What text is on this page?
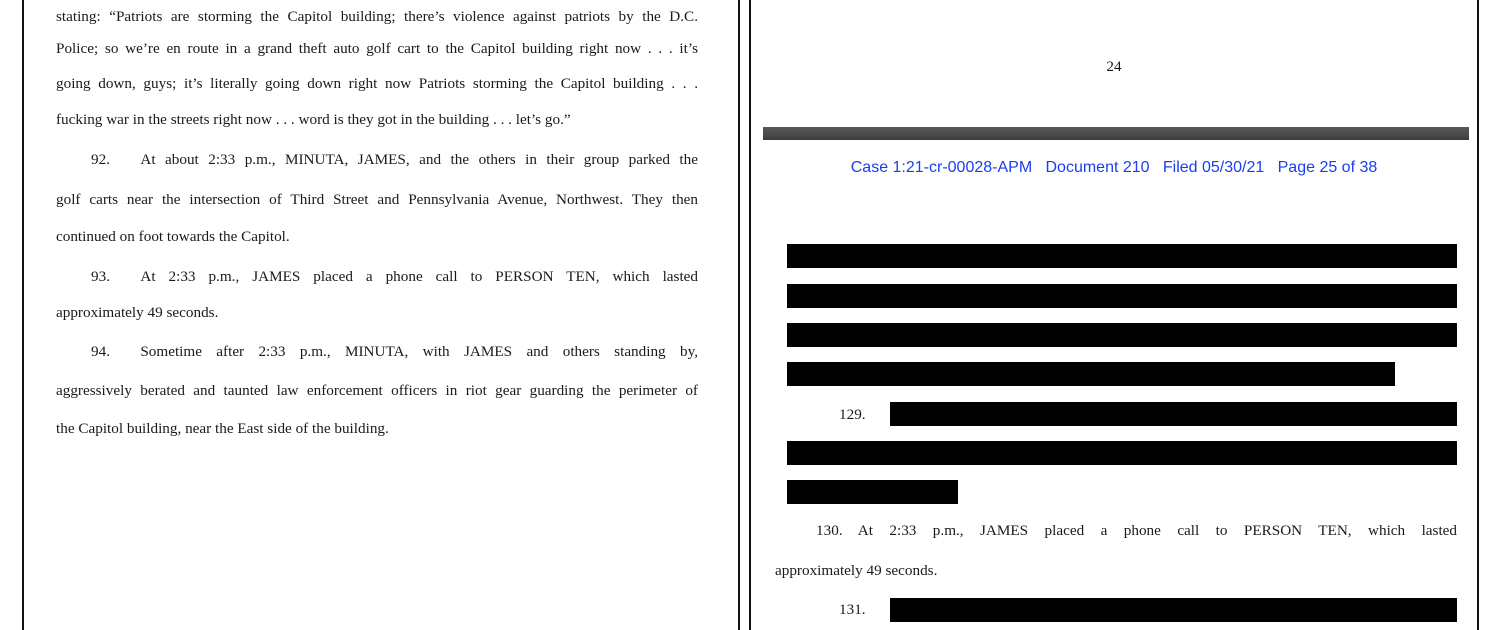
stating: “Patriots are storming the Capitol building; there’s violence against patriots by the D.C.
Police; so we’re en route in a grand theft auto golf cart to the Capitol building right now . . . it’s
going down, guys; it’s literally going down right now Patriots storming the Capitol building . . .
fucking war in the streets right now . . . word is they got in the building . . . let’s go.”
92.  At about 2:33 p.m., MINUTA, JAMES, and the others in their group parked the
golf carts near the intersection of Third Street and Pennsylvania Avenue, Northwest. They then
continued on foot towards the Capitol.
93.  At 2:33 p.m., JAMES placed a phone call to PERSON TEN, which lasted
approximately 49 seconds.
94.  Sometime after 2:33 p.m., MINUTA, with JAMES and others standing by,
aggressively berated and taunted law enforcement officers in riot gear guarding the perimeter of
the Capitol building, near the East side of the building.
24
Case 1:21-cr-00028-APM   Document 210   Filed 05/30/21   Page 25 of 38
129.
130. At 2:33 p.m., JAMES placed a phone call to PERSON TEN, which lasted
approximately 49 seconds.
131.
